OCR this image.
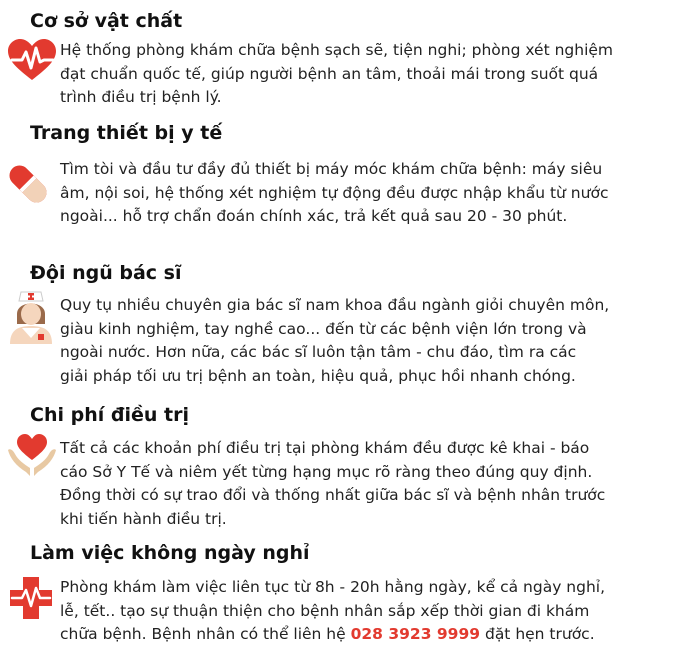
Cơ sở vật chất
Hệ thống phòng khám chữa bệnh sạch sẽ, tiện nghi; phòng xét nghiệm
đạt chuẩn quốc tế, giúp người bệnh an tâm, thoải mái trong suốt quá
trình điều trị bệnh lý.
Trang thiết bị y tế
Tìm tòi và đầu tư đầy đủ thiết bị máy móc khám chữa bệnh: máy siêu
âm, nội soi, hệ thống xét nghiệm tự động đều được nhập khẩu từ nước
ngoài... hỗ trợ chẩn đoán chính xác, trả kết quả sau 20 - 30 phút.
Đội ngũ bác sĩ
Quy tụ nhiều chuyên gia bác sĩ nam khoa đầu ngành giỏi chuyên môn,
giàu kinh nghiệm, tay nghề cao... đến từ các bệnh viện lớn trong và
ngoài nước. Hơn nữa, các bác sĩ luôn tận tâm - chu đáo, tìm ra các
giải pháp tối ưu trị bệnh an toàn, hiệu quả, phục hồi nhanh chóng.
Chi phí điều trị
Tất cả các khoản phí điều trị tại phòng khám đều được kê khai - báo
cáo Sở Y Tế và niêm yết từng hạng mục rõ ràng theo đúng quy định.
Đồng thời có sự trao đổi và thống nhất giữa bác sĩ và bệnh nhân trước
khi tiến hành điều trị.
Làm việc không ngày nghỉ
Phòng khám làm việc liên tục từ 8h - 20h hằng ngày, kể cả ngày nghỉ,
lễ, tết.. tạo sự thuận thiện cho bệnh nhân sắp xếp thời gian đi khám
chữa bệnh. Bệnh nhân có thể liên hệ 028 3923 9999 đặt hẹn trước.
